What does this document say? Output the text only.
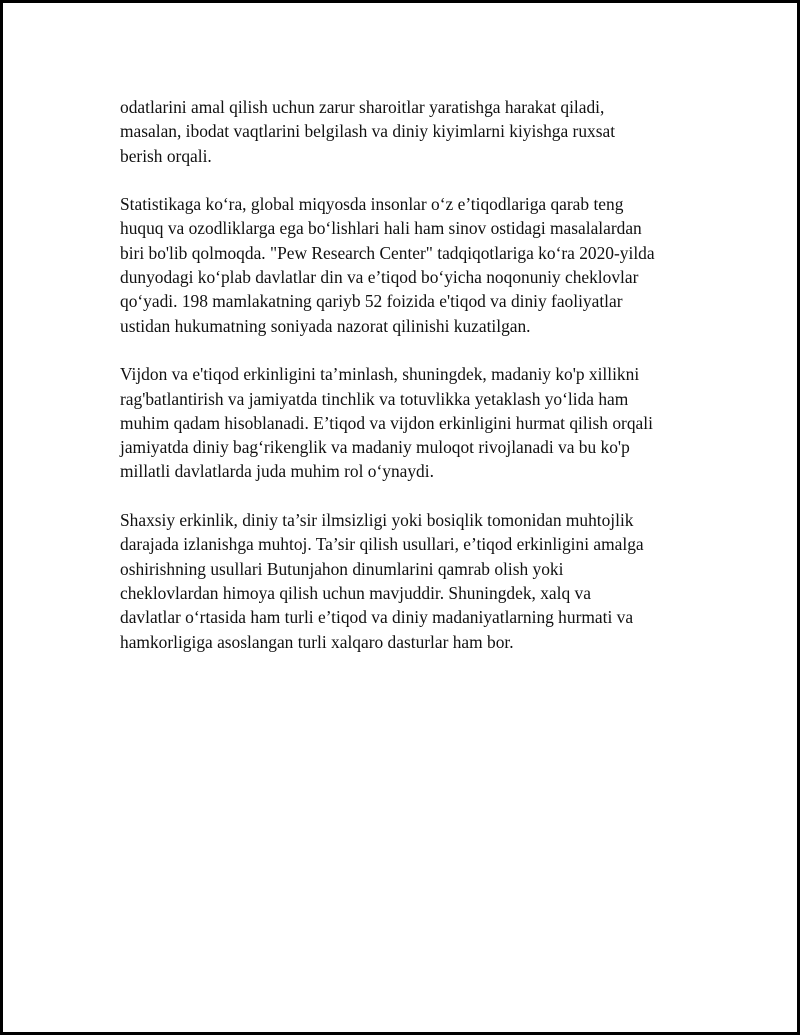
odatlarini amal qilish uchun zarur sharoitlar yaratishga harakat qiladi,
masalan, ibodat vaqtlarini belgilash va diniy kiyimlarni kiyishga ruxsat
berish orqali.

Statistikaga ko‘ra, global miqyosda insonlar o‘z e’tiqodlariga qarab teng
huquq va ozodliklarga ega bo‘lishlari hali ham sinov ostidagi masalalardan
biri bo'lib qolmoqda. "Pew Research Center" tadqiqotlariga ko‘ra 2020-yilda
dunyodagi ko‘plab davlatlar din va e’tiqod bo‘yicha noqonuniy cheklovlar
qo‘yadi. 198 mamlakatning qariyb 52 foizida e'tiqod va diniy faoliyatlar
ustidan hukumatning soniyada nazorat qilinishi kuzatilgan.

Vijdon va e'tiqod erkinligini ta’minlash, shuningdek, madaniy ko'p xillikni
rag'batlantirish va jamiyatda tinchlik va totuvlikka yetaklash yo‘lida ham
muhim qadam hisoblanadi. E’tiqod va vijdon erkinligini hurmat qilish orqali
jamiyatda diniy bag‘rikenglik va madaniy muloqot rivojlanadi va bu ko'p
millatli davlatlarda juda muhim rol o‘ynaydi.

Shaxsiy erkinlik, diniy ta’sir ilmsizligi yoki bosiqlik tomonidan muhtojlik
darajada izlanishga muhtoj. Ta’sir qilish usullari, e’tiqod erkinligini amalga
oshirishning usullari Butunjahon dinumlarini qamrab olish yoki
cheklovlardan himoya qilish uchun mavjuddir. Shuningdek, xalq va
davlatlar o‘rtasida ham turli e’tiqod va diniy madaniyatlarning hurmati va
hamkorligiga asoslangan turli xalqaro dasturlar ham bor.
